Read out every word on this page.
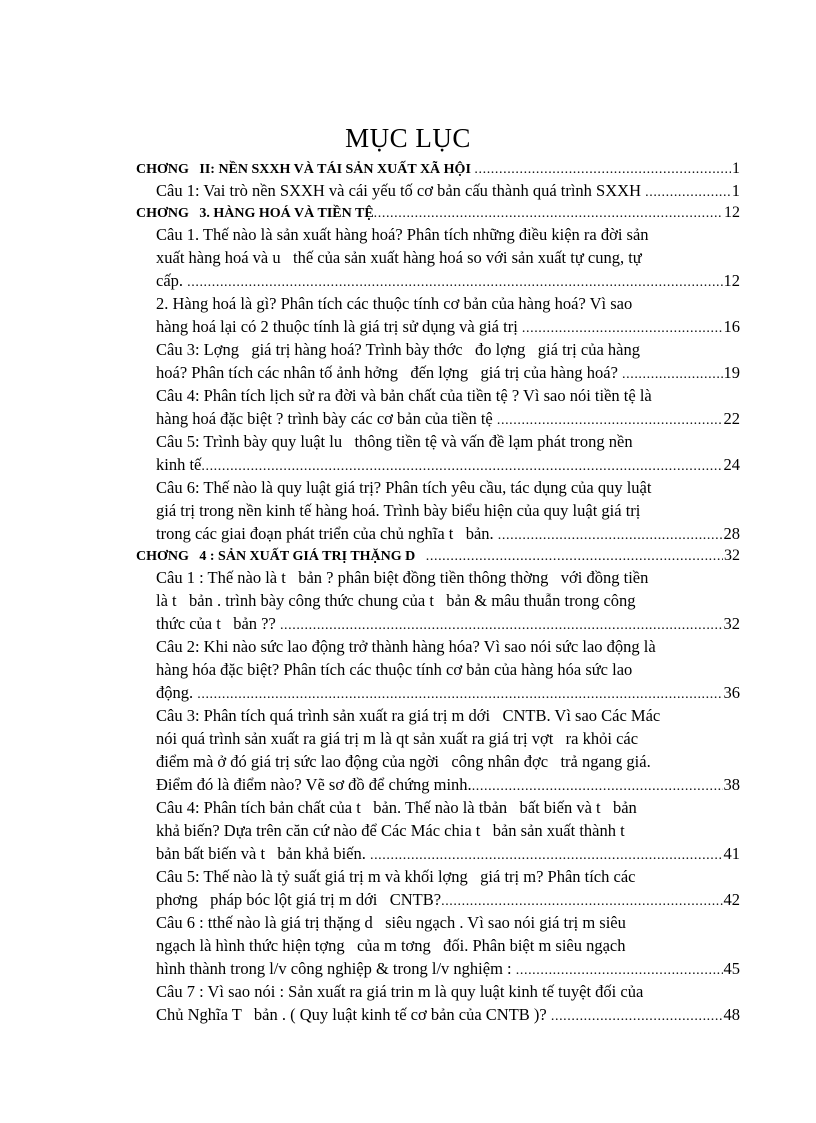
MỤC LỤC
CHƠNG   II: NỀN SXXH VÀ TÁI SẢN XUẤT XÃ HỘI .....	1
Câu 1: Vai trò nền SXXH và cái yếu tố cơ bản cấu thành quá trình SXXH .....	1
CHƠNG   3. HÀNG HOÁ VÀ TIỀN TỆ .....	12
Câu 1. Thế nào là sản xuất hàng hoá? Phân tích những điều kiện ra đời sản
xuất hàng hoá và u   thế của sản xuất hàng hoá so với sản xuất tự cung, tự
cấp. .....	12
2. Hàng hoá là gì? Phân tích các thuộc tính cơ bản của hàng hoá? Vì sao
hàng hoá lại có 2 thuộc tính là giá trị sử dụng và giá trị .....	16
Câu 3: Lợng   giá trị hàng hoá? Trình bày thớc   đo lợng   giá trị của hàng
hoá? Phân tích các nhân tố ảnh hởng   đến lợng   giá trị của hàng hoá? .....	19
Câu 4: Phân tích lịch sử ra đời và bản chất của tiền tệ ? Vì sao nói tiền tệ là
hàng hoá đặc biệt ? trình bày các cơ bản của tiền tệ .....	22
Câu 5: Trình bày quy luật lu   thông tiền tệ và vấn đề lạm phát trong nền
kinh tế .....	24
Câu 6: Thế nào là quy luật giá trị? Phân tích yêu cầu, tác dụng của quy luật
giá trị trong nền kinh tế hàng hoá. Trình bày biểu hiện của quy luật giá trị
trong các giai đoạn phát triển của chủ nghĩa t   bản. .....	28
CHƠNG   4 : SẢN XUẤT GIÁ TRỊ THẶNG D .....	32
Câu 1 : Thế nào là t   bản ? phân biệt đồng tiền thông thờng   với đồng tiền
là t   bản . trình bày công thức chung của t   bản & mâu thuẫn trong công
thức của t   bản ?? .....	32
Câu 2: Khi nào sức lao động trở thành hàng hóa? Vì sao nói sức lao động là
hàng hóa đặc biệt? Phân tích các thuộc tính cơ bản của hàng hóa sức lao
động. .....	36
Câu 3: Phân tích quá trình sản xuất ra giá trị m dới   CNTB. Vì sao Các Mác
nói quá trình sản xuất ra giá trị m là qt sản xuất ra giá trị vợt   ra khỏi các
điểm mà ở đó giá trị sức lao động của ngời   công nhân đợc   trả ngang giá.
Điểm đó là điểm nào? Vẽ sơ đồ để chứng minh. .....	38
Câu 4: Phân tích bản chất của t   bản. Thế nào là tbản   bất biến và t   bản
khả biến? Dựa trên căn cứ nào để Các Mác chia t   bản sản xuất thành t
bản bất biến và t   bản khả biến. .....	41
Câu 5: Thế nào là tỷ suất giá trị m và khối lợng   giá trị m? Phân tích các
phơng   pháp bóc lột giá trị m dới   CNTB? .....	42
Câu 6 : tthế nào là giá trị thặng d   siêu ngạch . Vì sao nói giá trị m siêu
ngạch là hình thức hiện tợng   của m tơng   đối. Phân biệt m siêu ngạch
hình thành trong l/v công nghiệp & trong l/v nghiệm : .....	45
Câu 7 : Vì sao nói : Sản xuất ra giá trin m là quy luật kinh tế tuyệt đối của
Chủ Nghĩa T   bản . ( Quy luật kinh tế cơ bản của CNTB )? .....	48
